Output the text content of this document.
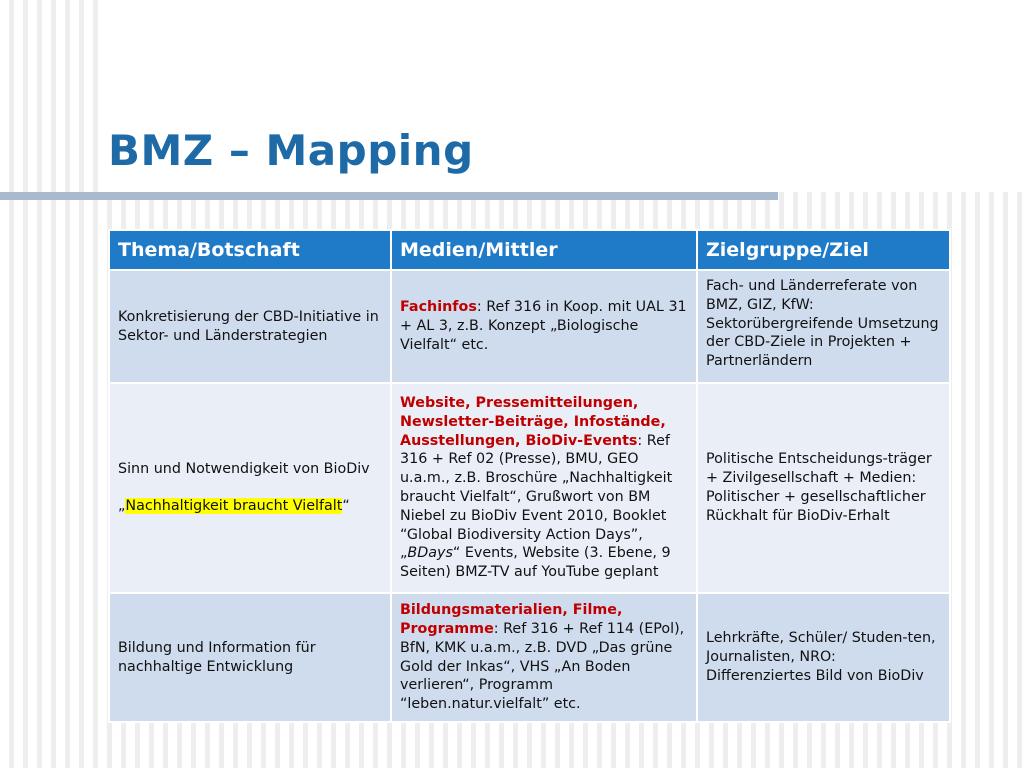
BMZ – Mapping
Thema/Botschaft	Medien/Mittler	Zielgruppe/Ziel
Konkretisierung der CBD-Initiative in Sektor- und Länderstrategien	Fachinfos: Ref 316 in Koop. mit UAL 31 + AL 3, z.B. Konzept „Biologische Vielfalt“ etc.	Fach- und Länderreferate von BMZ, GIZ, KfW: Sektorübergreifende Umsetzung der CBD-Ziele in Projekten + Partnerländern
Sinn und Notwendigkeit von BioDiv
„Nachhaltigkeit braucht Vielfalt“	Website, Pressemitteilungen, Newsletter-Beiträge, Infostände, Ausstellungen, BioDiv-Events: Ref 316 + Ref 02 (Presse), BMU, GEO u.a.m., z.B. Broschüre „Nachhaltigkeit braucht Vielfalt“, Grußwort von BM Niebel zu BioDiv Event 2010, Booklet “Global Biodiversity Action Days”, „BDays“ Events, Website (3. Ebene, 9 Seiten) BMZ-TV auf YouTube geplant	Politische Entscheidungs-träger + Zivilgesellschaft + Medien: Politischer + gesellschaftlicher Rückhalt für BioDiv-Erhalt
Bildung und Information für nachhaltige Entwicklung	Bildungsmaterialien, Filme, Programme: Ref 316 + Ref 114 (EPol), BfN, KMK u.a.m., z.B. DVD „Das grüne Gold der Inkas“, VHS „An Boden verlieren“, Programm “leben.natur.vielfalt” etc.	Lehrkräfte, Schüler/ Studen-ten, Journalisten, NRO: Differenziertes Bild von BioDiv
